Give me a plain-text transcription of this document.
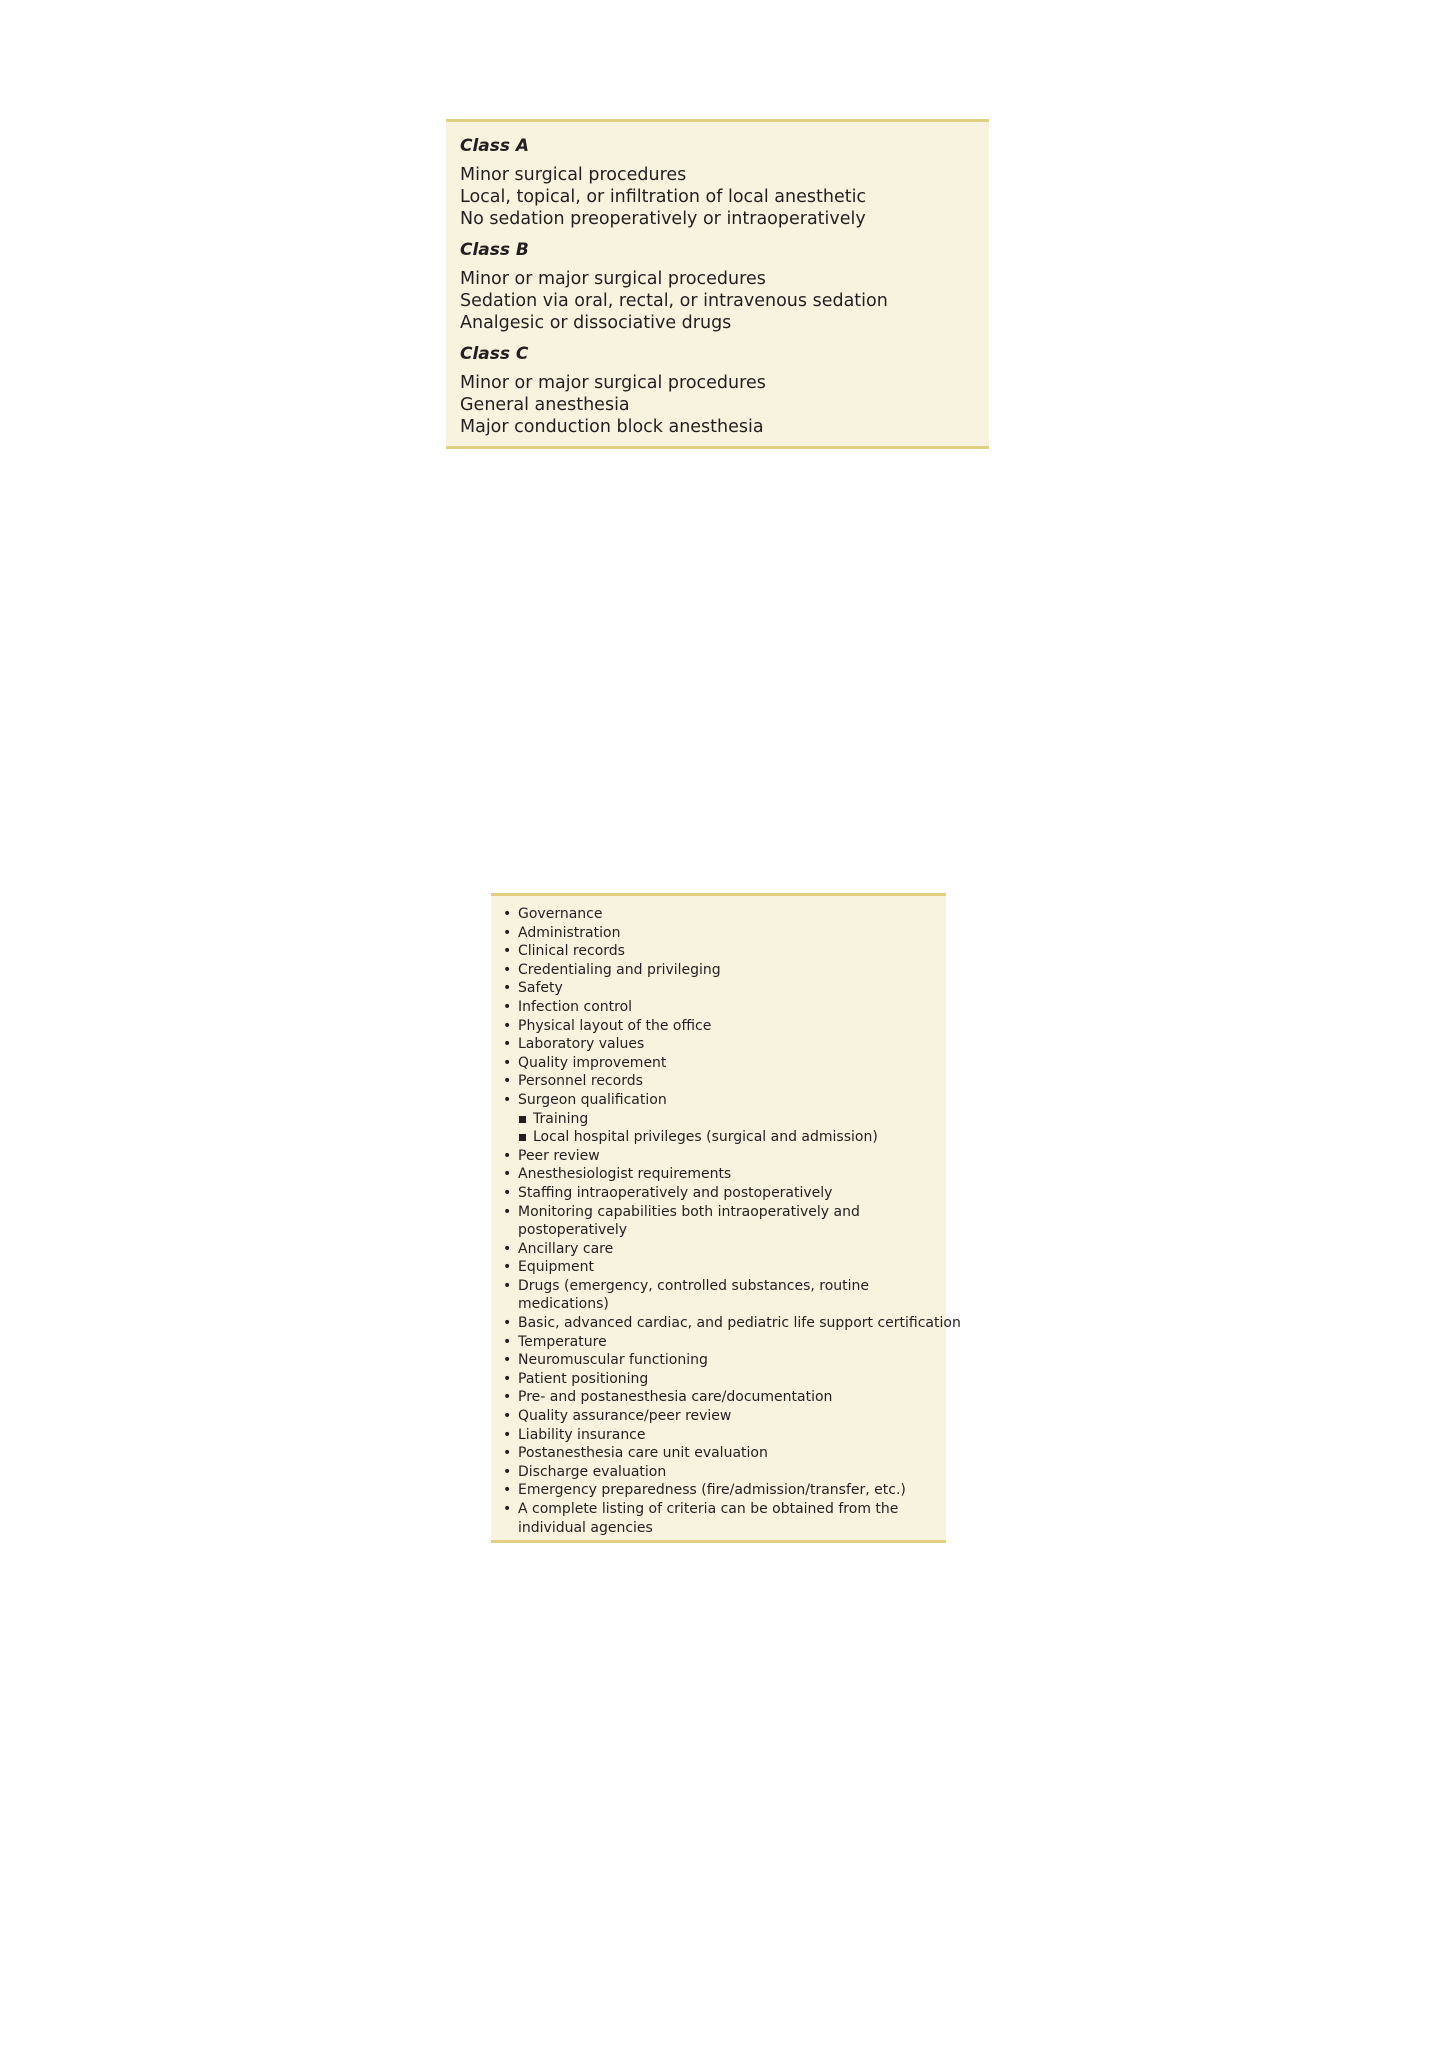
Class A
Minor surgical procedures
Local, topical, or infiltration of local anesthetic
No sedation preoperatively or intraoperatively
Class B
Minor or major surgical procedures
Sedation via oral, rectal, or intravenous sedation
Analgesic or dissociative drugs
Class C
Minor or major surgical procedures
General anesthesia
Major conduction block anesthesia
• Governance
• Administration
• Clinical records
• Credentialing and privileging
• Safety
• Infection control
• Physical layout of the office
• Laboratory values
• Quality improvement
• Personnel records
• Surgeon qualification
Training
Local hospital privileges (surgical and admission)
• Peer review
• Anesthesiologist requirements
• Staffing intraoperatively and postoperatively
• Monitoring capabilities both intraoperatively and
postoperatively
• Ancillary care
• Equipment
• Drugs (emergency, controlled substances, routine
medications)
• Basic, advanced cardiac, and pediatric life support certification
• Temperature
• Neuromuscular functioning
• Patient positioning
• Pre- and postanesthesia care/documentation
• Quality assurance/peer review
• Liability insurance
• Postanesthesia care unit evaluation
• Discharge evaluation
• Emergency preparedness (fire/admission/transfer, etc.)
• A complete listing of criteria can be obtained from the
individual agencies
